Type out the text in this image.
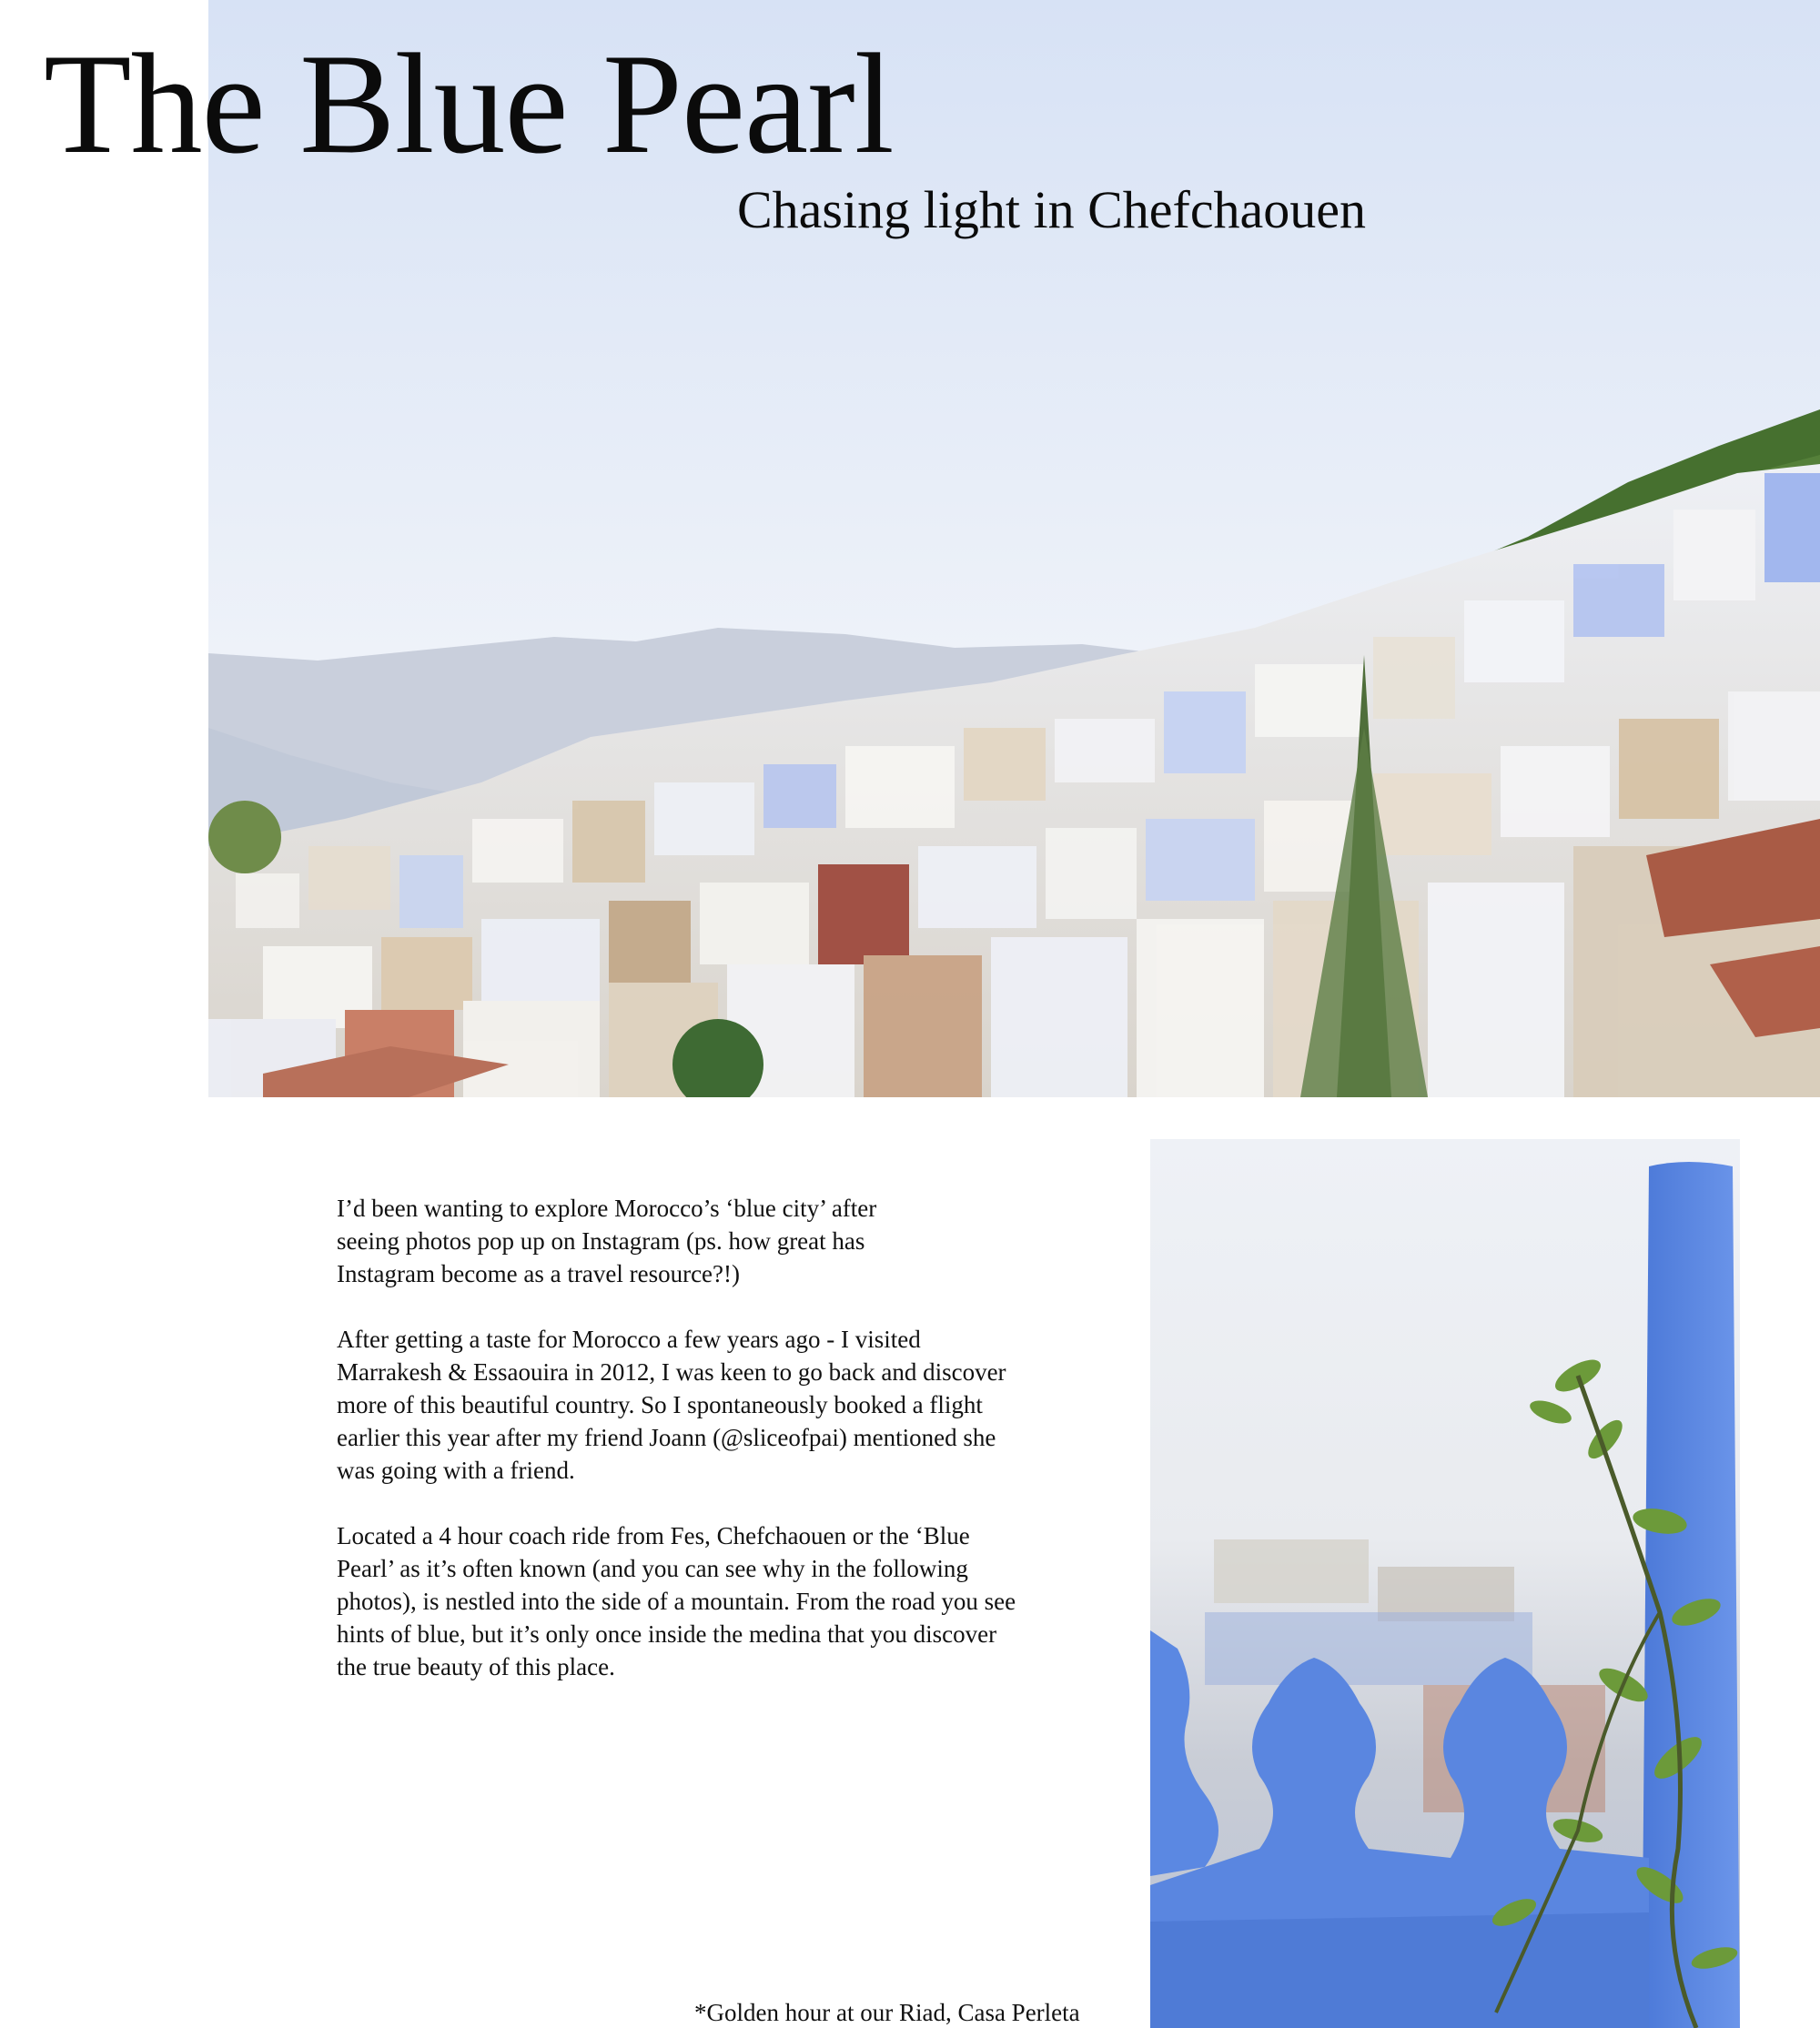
The Blue Pearl
Chasing light in Chefchaouen

I’d been wanting to explore Morocco’s ‘blue city’ after seeing photos pop up on Instagram (ps. how great has Instagram become as a travel resource?!)

After getting a taste for Morocco a few years ago - I visited Marrakesh & Essaouira in 2012, I was keen to go back and discover more of this beautiful country. So I spontaneously booked a flight earlier this year after my friend Joann (@sliceofpai) mentioned she was going with a friend.

Located a 4 hour coach ride from Fes, Chefchaouen or the ‘Blue Pearl’ as it’s often known (and you can see why in the following photos), is nestled into the side of a mountain. From the road you see hints of blue, but it’s only once inside the medina that you discover the true beauty of this place.

*Golden hour at our Riad, Casa Perleta
